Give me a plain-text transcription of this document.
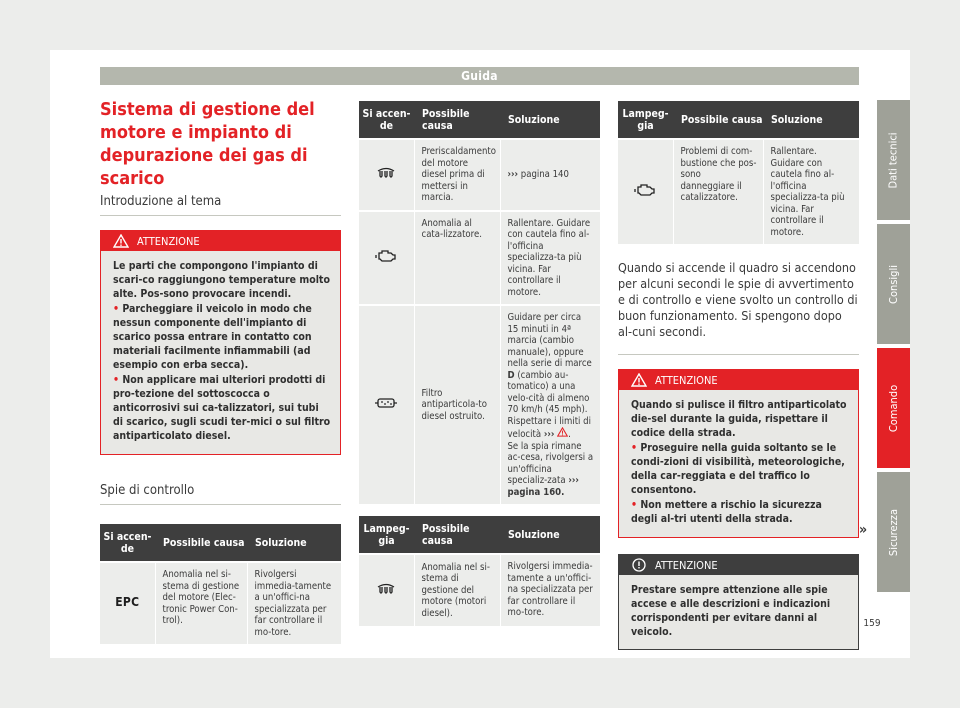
Guida
Sistema di gestione del motore e impianto di depurazione dei gas di scarico
Introduzione al tema
ATTENZIONE

Le parti che compongono l'impianto di scari-co raggiungono temperature molto alte. Pos-sono provocare incendi.

• Parcheggiare il veicolo in modo che nessun componente dell'impianto di scarico possa entrare in contatto con materiali facilmente infiammabili (ad esempio con erba secca).

• Non applicare mai ulteriori prodotti di pro-tezione del sottoscocca o anticorrosivi sui ca-talizzatori, sui tubi di scarico, sugli scudi ter-mici o sul filtro antiparticolato diesel.

Spie di controllo
Si accen-de	Possibile causa	Soluzione
EPC	Anomalia nel si-stema di gestione del motore (Elec-tronic Power Con-trol).	Rivolgersi immedia-tamente a un'offici-na specializzata per far controllare il mo-tore.
Si accen-de	Possibile causa	Soluzione
	Preriscaldamento del motore diesel prima di mettersi in marcia.	››› pagina 140
	Anomalia al cata-lizzatore.	Rallentare. Guidare con cautela fino al-l'officina specializza-ta più vicina. Far controllare il motore.
	Filtro antiparticola-to diesel ostruito.	Guidare per circa 15 minuti in 4ª marcia (cambio manuale), oppure nella serie di marce D (cambio au-tomatico) a una velo-cità di almeno 70 km/h (45 mph). Rispettare i limiti di velocità ››› .
Se la spia rimane ac-cesa, rivolgersi a un'officina specializ-zata ››› pagina 160.
Lampeg-gia	Possibile causa	Soluzione
	Anomalia nel si-stema di gestione del motore (motori diesel).	Rivolgersi immedia-tamente a un'offici-na specializzata per far controllare il mo-tore.
Lampeg-gia	Possibile causa	Soluzione
	Problemi di com-bustione che pos-sono danneggiare il catalizzatore.	Rallentare. Guidare con cautela fino al-l'officina specializza-ta più vicina. Far controllare il motore.
Quando si accende il quadro si accendono per alcuni secondi le spie di avvertimento e di controllo e viene svolto un controllo di buon funzionamento. Si spengono dopo al-cuni secondi.
ATTENZIONE

Quando si pulisce il filtro antiparticolato die-sel durante la guida, rispettare il codice della strada.

• Proseguire nella guida soltanto se le condi-zioni di visibilità, meteorologiche, della car-reggiata e del traffico lo consentono.

• Non mettere a rischio la sicurezza degli al-tri utenti della strada.

ATTENZIONE
Prestare sempre attenzione alle spie accese e alle descrizioni e indicazioni corrispondenti per evitare danni al veicolo.
»
Dati tecnici
Consigli
Comando
Sicurezza
159
